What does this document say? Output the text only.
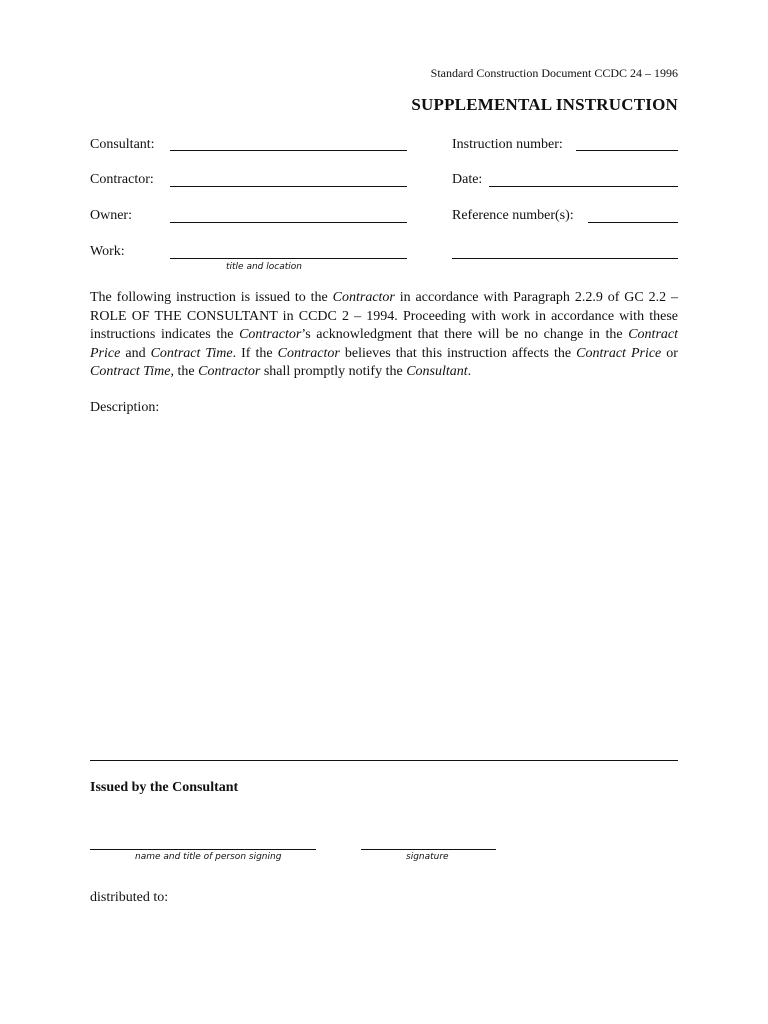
Standard Construction Document CCDC 24 – 1996
SUPPLEMENTAL INSTRUCTION
Consultant:
Contractor:
Owner:
Work:
title and location
Instruction number:
Date:
Reference number(s):

The following instruction is issued to the Contractor in accordance with Paragraph 2.2.9 of GC 2.2 – ROLE OF THE CONSULTANT in CCDC 2 – 1994. Proceeding with work in accordance with these instructions indicates the Contractor’s acknowledgment that there will be no change in the Contract Price and Contract Time. If the Contractor believes that this instruction affects the Contract Price or Contract Time, the Contractor shall promptly notify the Consultant.

Description:
Issued by the Consultant
name and title of person signing	signature
distributed to:
